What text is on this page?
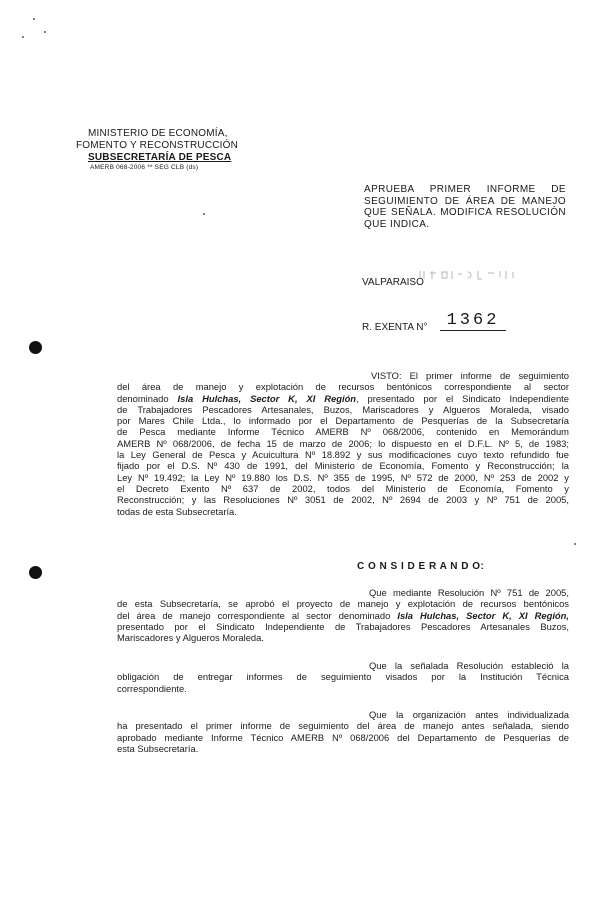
MINISTERIO DE ECONOMÍA,
FOMENTO Y RECONSTRUCCIÓN
SUBSECRETARÍA DE PESCA
AMERB 068-2006 ** SEG CLB (ds)
APRUEBA PRIMER INFORME DE
SEGUIMIENTO DE ÁREA DE MANEJO
QUE SEÑALA. MODIFICA RESOLUCIÓN
QUE INDICA.
VALPARAISO
R. EXENTA N°	1362
VISTO: El primer informe de seguimiento
del área de manejo y explotación de recursos bentónicos correspondiente al sector
denominado Isla Hulchas, Sector K, XI Región, presentado por el Sindicato Independiente
de Trabajadores Pescadores Artesanales, Buzos, Mariscadores y Algueros Moraleda, visado
por Mares Chile Ltda., lo informado por el Departamento de Pesquerías de la Subsecretaría
de Pesca mediante Informe Técnico AMERB Nº 068/2006, contenido en Memorándum
AMERB Nº 068/2006, de fecha 15 de marzo de 2006; lo dispuesto en el D.F.L. Nº 5, de 1983;
la Ley General de Pesca y Acuicultura Nº 18.892 y sus modificaciones cuyo texto refundido fue
fijado por el D.S. Nº 430 de 1991, del Ministerio de Economía, Fomento y Reconstrucción; la
Ley Nº 19.492; la Ley Nº 19.880 los D.S. Nº 355 de 1995, Nº 572 de 2000, Nº 253 de 2002 y
el Decreto Exento Nº 637 de 2002, todos del Ministerio de Economía, Fomento y
Reconstrucción; y las Resoluciones Nº 3051 de 2002, Nº 2694 de 2003 y Nº 751 de 2005,
todas de esta Subsecretaría.
C O N S I D E R A N D O:
Que mediante Resolución Nº 751 de 2005,
de esta Subsecretaría, se aprobó el proyecto de manejo y explotación de recursos bentónicos
del área de manejo correspondiente al sector denominado Isla Hulchas, Sector K, XI Región,
presentado por el Sindicato Independiente de Trabajadores Pescadores Artesanales Buzos,
Mariscadores y Algueros Moraleda.
Que la señalada Resolución estableció la
obligación de entregar informes de seguimiento visados por la Institución Técnica
correspondiente.
Que la organización antes individualizada
ha presentado el primer informe de seguimiento del área de manejo antes señalada, siendo
aprobado mediante Informe Técnico AMERB Nº 068/2006 del Departamento de Pesquerías de
esta Subsecretaría.
